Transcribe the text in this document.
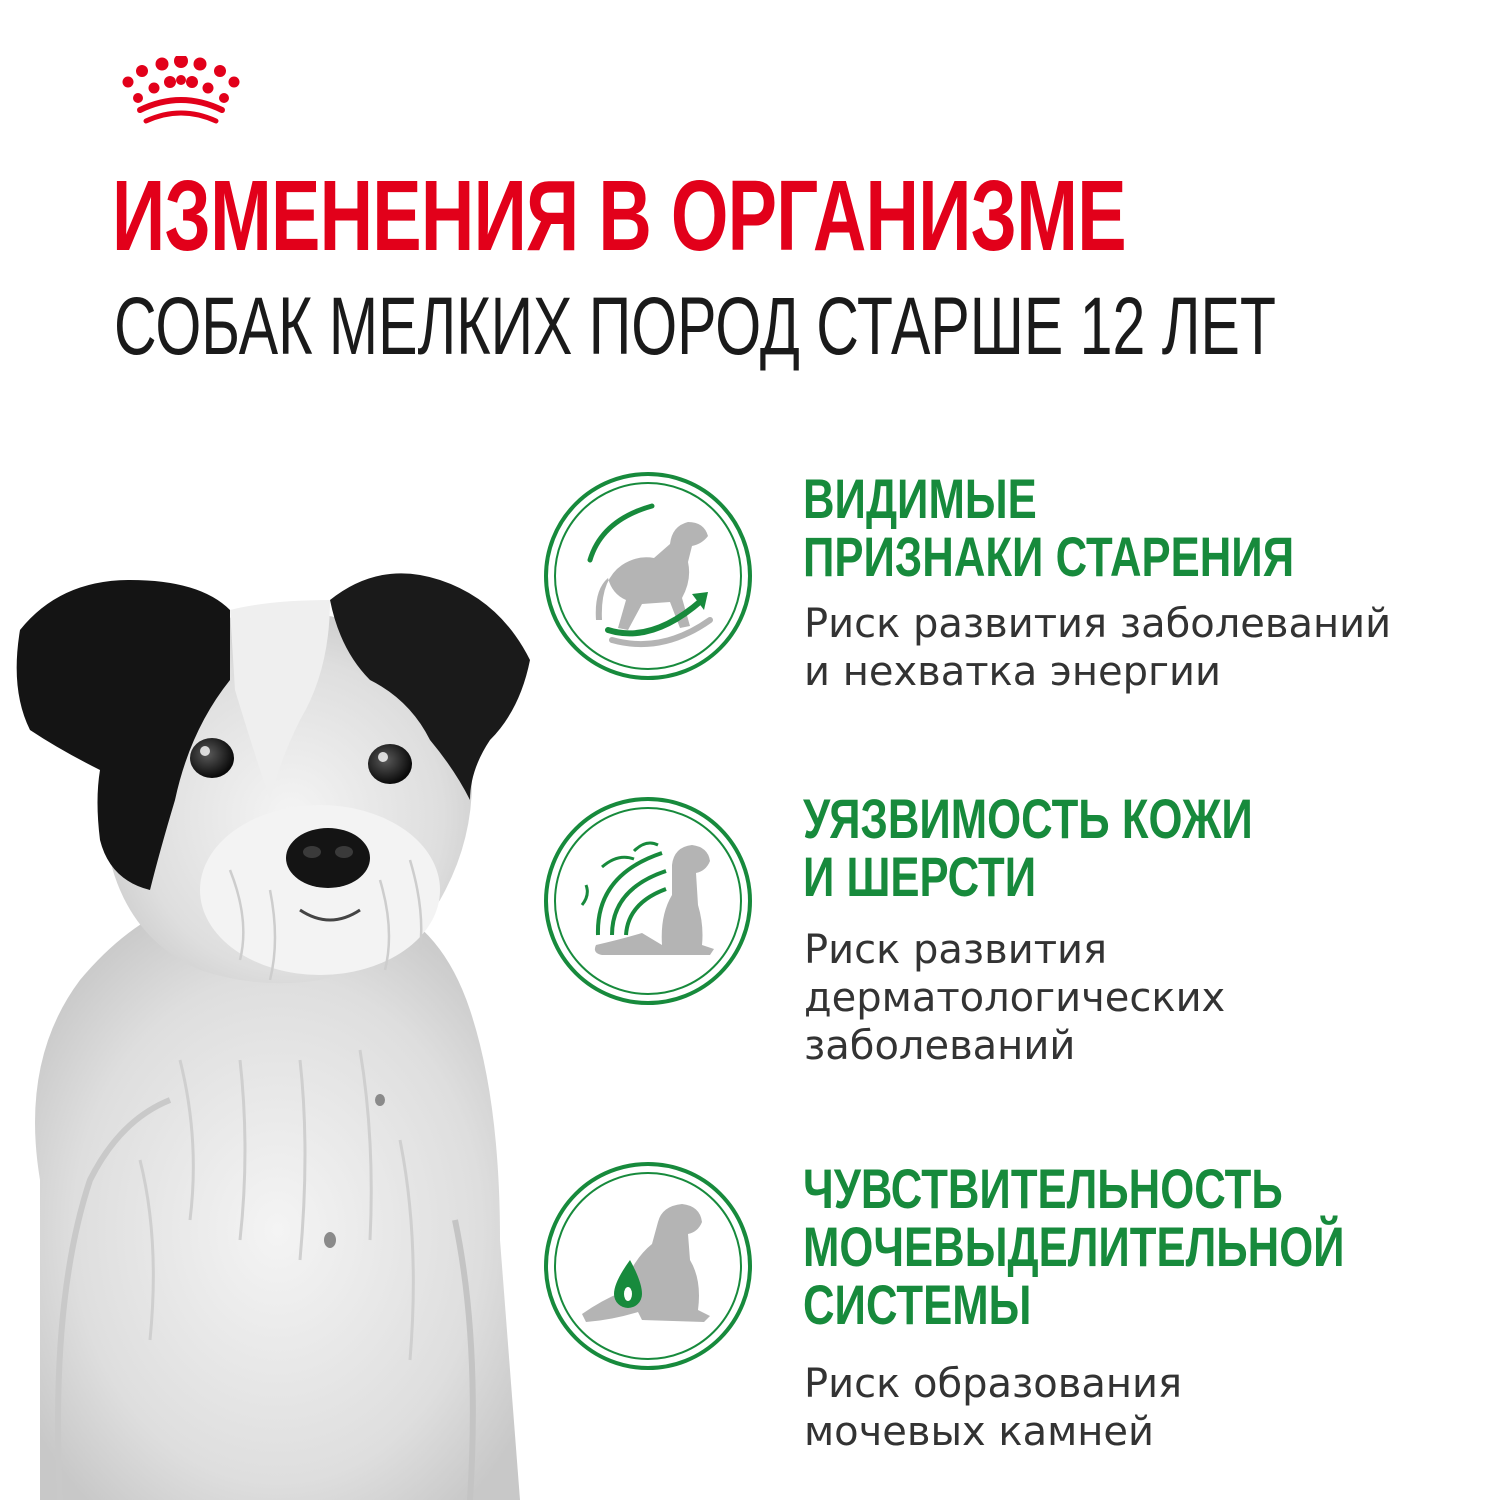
ИЗМЕНЕНИЯ В ОРГАНИЗМЕ
СОБАК МЕЛКИХ ПОРОД СТАРШЕ 12 ЛЕТ
ВИДИМЫЕ
ПРИЗНАКИ СТАРЕНИЯ

Риск развития заболеваний
и нехватка энергии

УЯЗВИМОСТЬ КОЖИ
И ШЕРСТИ

Риск развития
дерматологических
заболеваний

ЧУВСТВИТЕЛЬНОСТЬ
МОЧЕВЫДЕЛИТЕЛЬНОЙ
СИСТЕМЫ

Риск образования
мочевых камней
